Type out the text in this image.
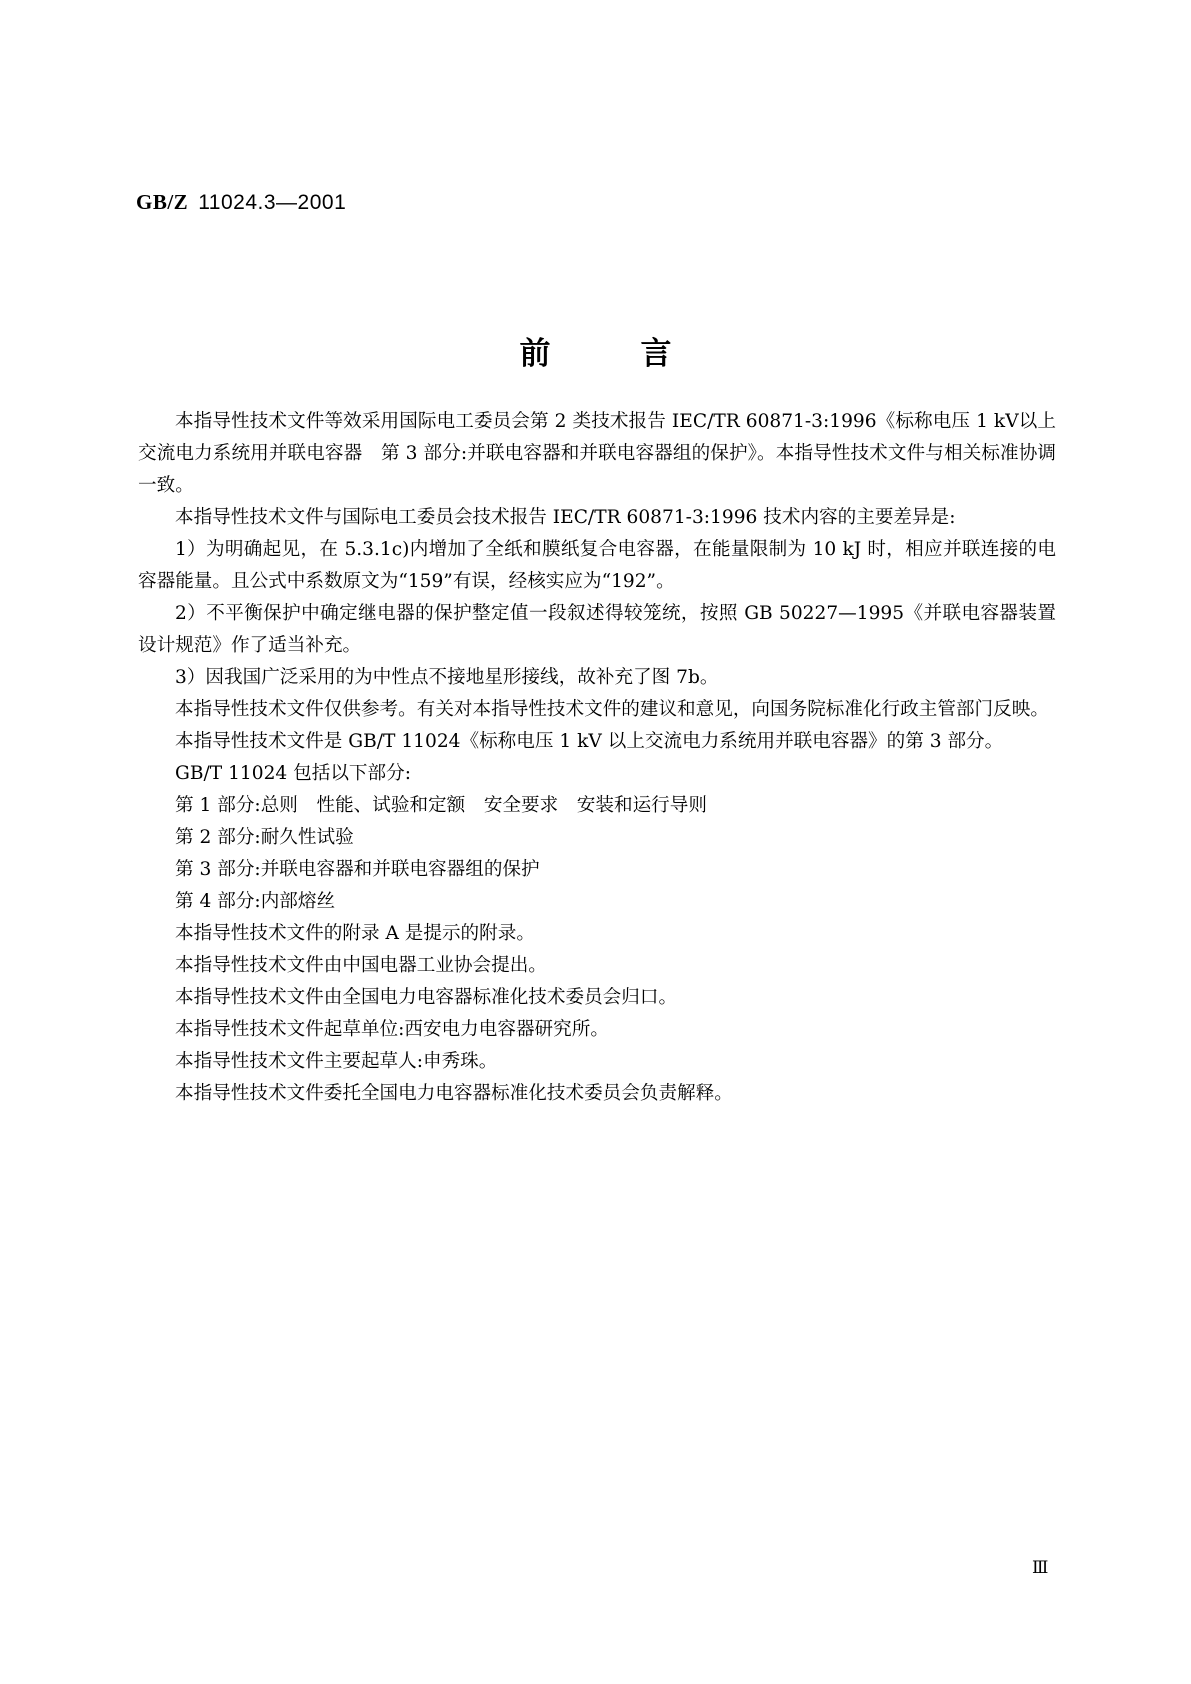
GB/Z 11024.3—2001
前言

本指导性技术文件等效采用国际电工委员会第 2 类技术报告 IEC/TR 60871-3:1996《标称电压 1 kV以上交流电力系统用并联电容器　第 3 部分:并联电容器和并联电容器组的保护》。本指导性技术文件与相关标准协调一致。

本指导性技术文件与国际电工委员会技术报告 IEC/TR 60871-3:1996 技术内容的主要差异是:

1）为明确起见，在 5.3.1c)内增加了全纸和膜纸复合电容器，在能量限制为 10 kJ 时，相应并联连接的电容器能量。且公式中系数原文为“159”有误，经核实应为“192”。

2）不平衡保护中确定继电器的保护整定值一段叙述得较笼统，按照 GB 50227—1995《并联电容器装置设计规范》作了适当补充。

3）因我国广泛采用的为中性点不接地星形接线，故补充了图 7b。

本指导性技术文件仅供参考。有关对本指导性技术文件的建议和意见，向国务院标准化行政主管部门反映。

本指导性技术文件是 GB/T 11024《标称电压 1 kV 以上交流电力系统用并联电容器》的第 3 部分。

GB/T 11024 包括以下部分:

第 1 部分:总则　性能、试验和定额　安全要求　安装和运行导则

第 2 部分:耐久性试验

第 3 部分:并联电容器和并联电容器组的保护

第 4 部分:内部熔丝

本指导性技术文件的附录 A 是提示的附录。

本指导性技术文件由中国电器工业协会提出。

本指导性技术文件由全国电力电容器标准化技术委员会归口。

本指导性技术文件起草单位:西安电力电容器研究所。

本指导性技术文件主要起草人:申秀珠。

本指导性技术文件委托全国电力电容器标准化技术委员会负责解释。

Ⅲ
